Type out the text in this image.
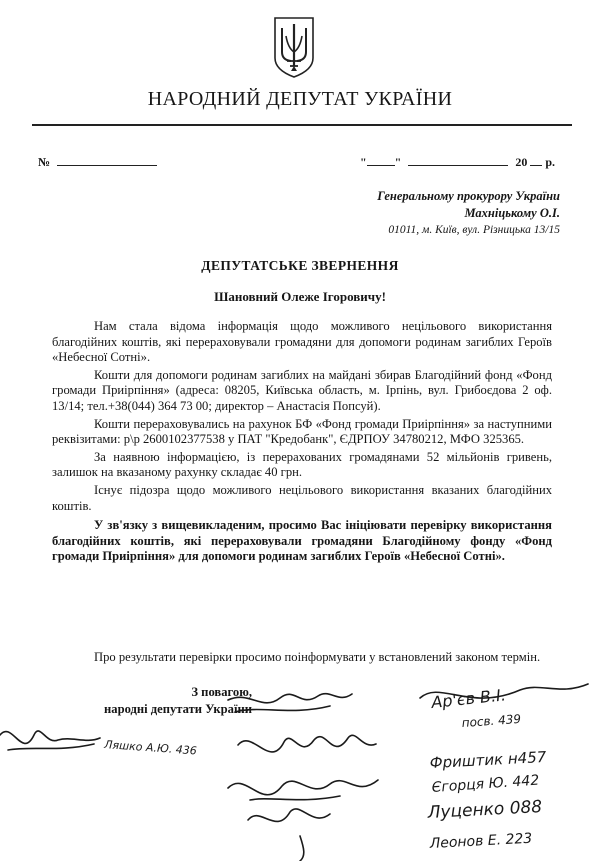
НАРОДНИЙ ДЕПУТАТ УКРАЇНИ
№	" "	20 р.
Генеральному прокурору України
Махніцькому О.І.
01011, м. Київ, вул. Різницька 13/15
ДЕПУТАТСЬКЕ ЗВЕРНЕННЯ
Шановний Олеже Ігоровичу!

Нам стала відома інформація щодо можливого нецільового використання благодійних коштів, які перераховували громадяни для допомоги родинам загиблих Героїв «Небесної Сотні».

Кошти для допомоги родинам загиблих на майдані збирав Благодійний фонд «Фонд громади Приірпіння» (адреса: 08205, Київська область, м. Ірпінь, вул. Грибоєдова 2 оф. 13/14; тел.+38(044) 364 73 00; директор – Анастасія Попсуй).

Кошти перераховувались на рахунок БФ «Фонд громади Приірпіння» за наступними реквізитами: р\р 2600102377538 у ПАТ "Кредобанк", ЄДРПОУ 34780212, МФО 325365.

За наявною інформацією, із перерахованих громадянами 52 мільйонів гривень, залишок на вказаному рахунку складає 40 грн.

Існує підозра щодо можливого нецільового використання вказаних благодійних коштів.

У зв'язку з вищевикладеним, просимо Вас ініціювати перевірку використання благодійних коштів, які перераховували громадяни Благодійному фонду «Фонд громади Приірпіння» для допомоги родинам загиблих Героїв «Небесної Сотні».

Про результати перевірки просимо поінформувати у встановлений законом термін.
З повагою,
народні депутати України	Ар'єв В.І.
посв. 439
Фриштик н457
Єгорця Ю. 442
Луценко 088
Ляшко А.Ю. 436
Леонов Е. 223
